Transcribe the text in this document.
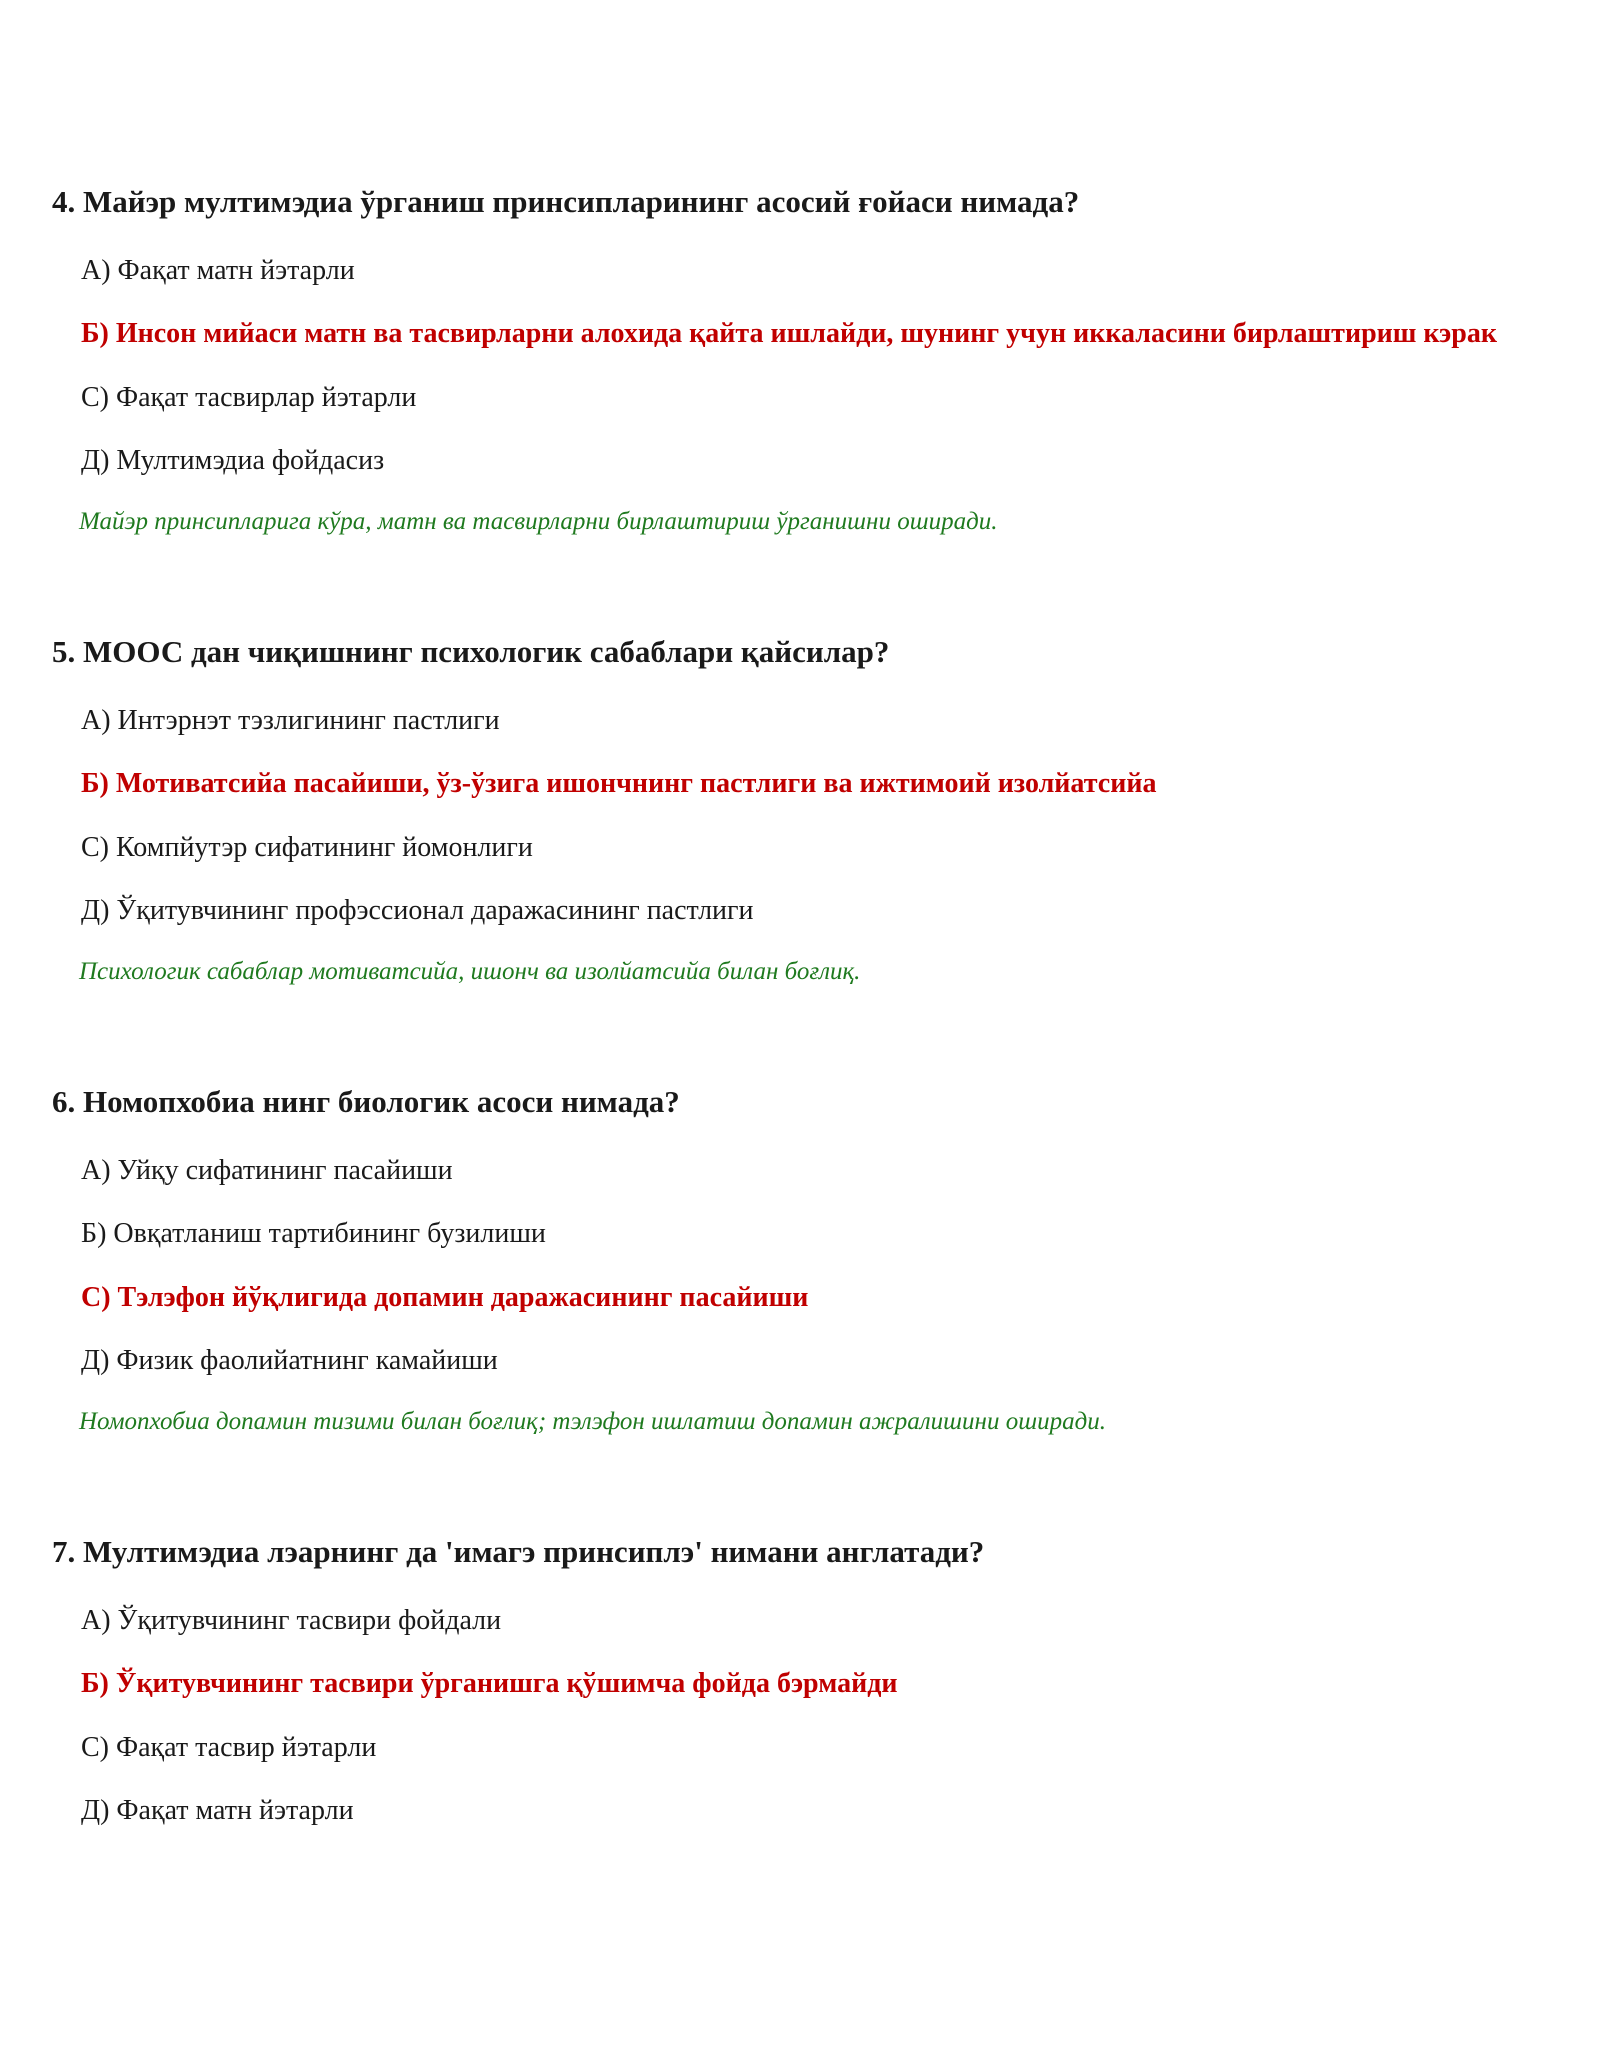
4. Майэр мултимэдиа ўрганиш принсипларининг асосий ғойаси нимада?
А) Фақат матн йэтарли
Б) Инсон мийаси матн ва тасвирларни алохида қайта ишлайди, шунинг учун иккаласини бирлаштириш кэрак
С) Фақат тасвирлар йэтарли
Д) Мултимэдиа фойдасиз
Майэр принсипларига кўра, матн ва тасвирларни бирлаштириш ўрганишни оширади.
5. МООС дан чиқишнинг психологик сабаблари қайсилар?
А) Интэрнэт тэзлигининг пастлиги
Б) Мотиватсийа пасайиши, ўз-ўзига ишончнинг пастлиги ва ижтимоий изолйатсийа
С) Компйутэр сифатининг йомонлиги
Д) Ўқитувчининг профэссионал даражасининг пастлиги
Психологик сабаблар мотиватсийа, ишонч ва изолйатсийа билан боғлиқ.
6. Номопхобиа нинг биологик асоси нимада?
А) Уйқу сифатининг пасайиши
Б) Овқатланиш тартибининг бузилиши
С) Тэлэфон йўқлигида допамин даражасининг пасайиши
Д) Физик фаолийатнинг камайиши
Номопхобиа допамин тизими билан боғлиқ; тэлэфон ишлатиш допамин ажралишини оширади.
7. Мултимэдиа лэарнинг да 'имагэ принсиплэ' нимани англатади?
А) Ўқитувчининг тасвири фойдали
Б) Ўқитувчининг тасвири ўрганишга қўшимча фойда бэрмайди
С) Фақат тасвир йэтарли
Д) Фақат матн йэтарли
